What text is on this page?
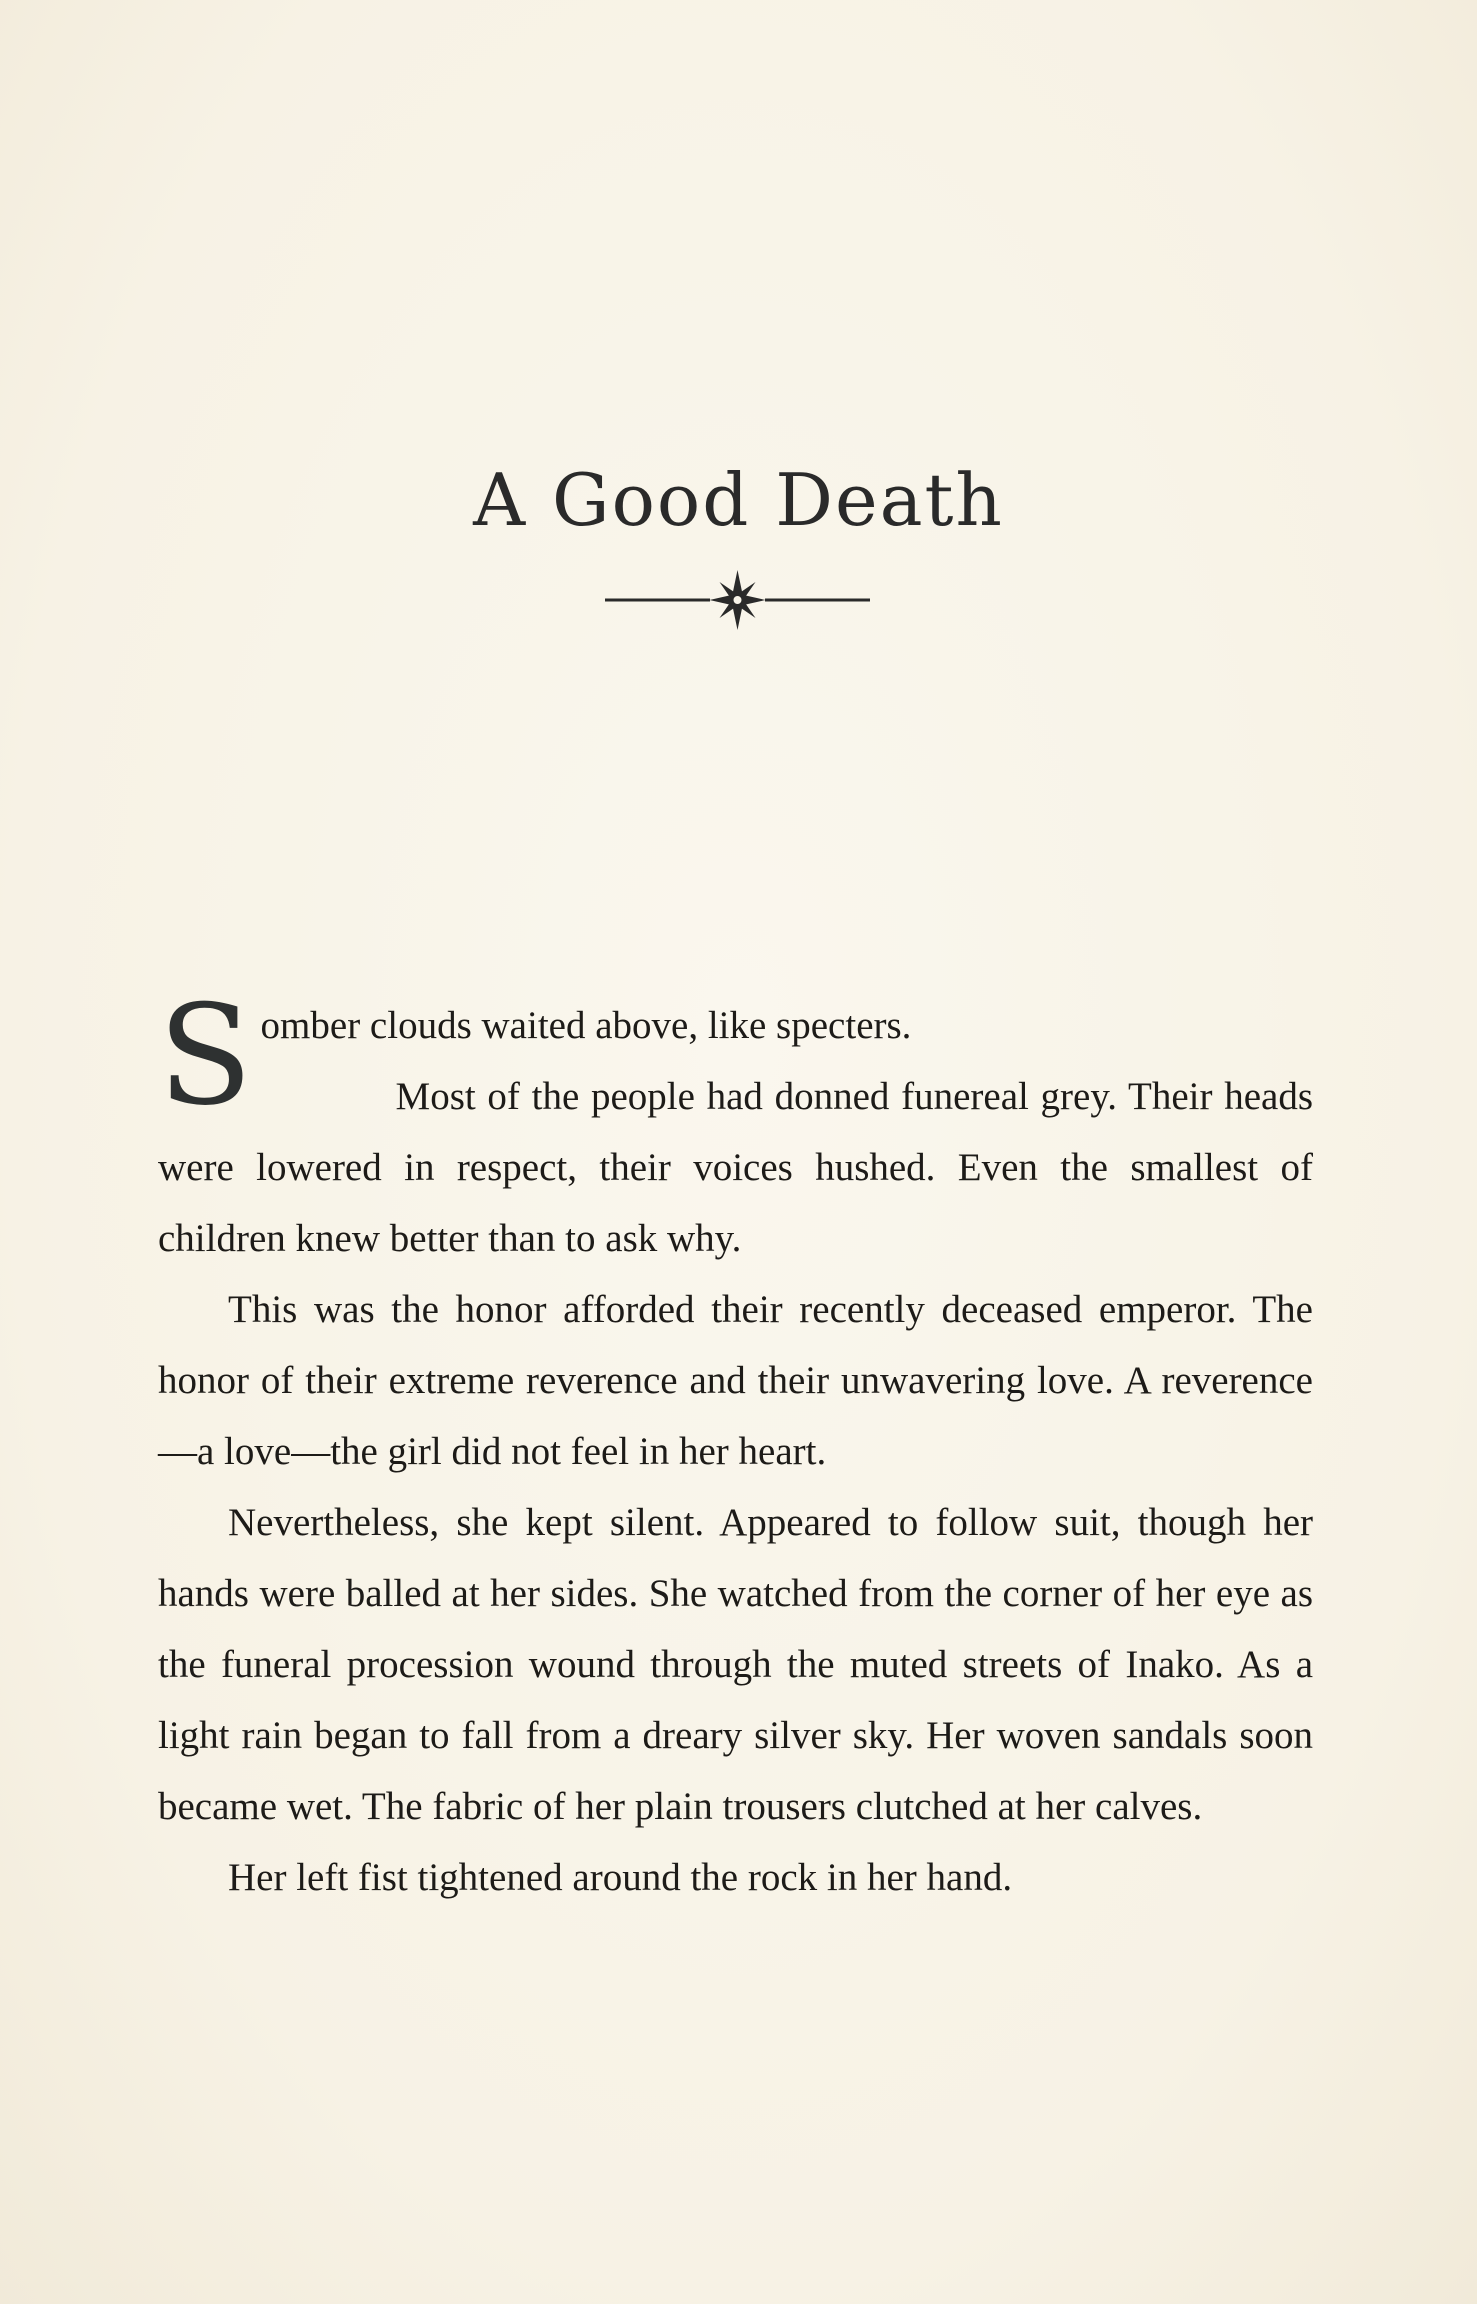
A Good Death

Somber clouds waited above, like specters.

Most of the people had donned funereal grey. Their heads were lowered in respect, their voices hushed. Even the smallest of children knew better than to ask why.

This was the honor afforded their recently deceased emperor. The honor of their extreme reverence and their unwavering love. A reverence—a love—the girl did not feel in her heart.

Nevertheless, she kept silent. Appeared to follow suit, though her hands were balled at her sides. She watched from the corner of her eye as the funeral procession wound through the muted streets of Inako. As a light rain began to fall from a dreary silver sky. Her woven sandals soon became wet. The fabric of her plain trousers clutched at her calves.

Her left fist tightened around the rock in her hand.
